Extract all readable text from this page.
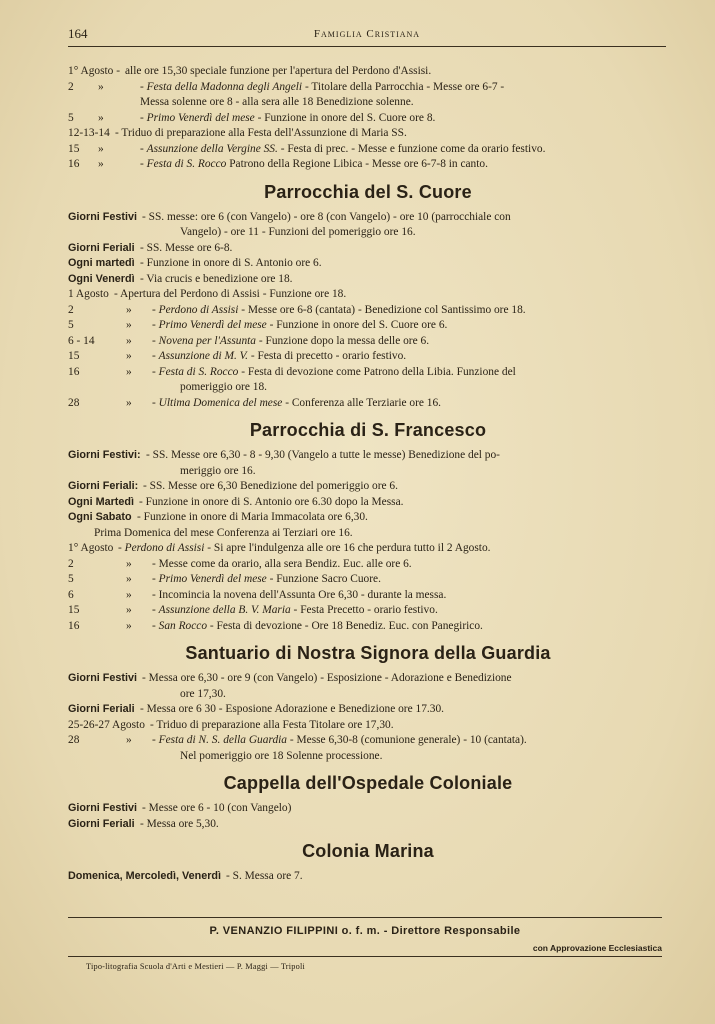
164	Famiglia Cristiana
1° Agosto - alle ore 15,30 speciale funzione per l'apertura del Perdono d'Assisi.
2 »	- Festa della Madonna degli Angeli - Titolare della Parrocchia - Messe ore 6-7 -
Messa solenne ore 8 - alla sera alle 18 Benedizione solenne.
5 »	- Primo Venerdì del mese - Funzione in onore del S. Cuore ore 8.
12-13-14 - Triduo di preparazione alla Festa dell'Assunzione di Maria SS.
15 »	- Assunzione della Vergine SS. - Festa di prec. - Messe e funzione come da orario festivo.
16 »	- Festa di S. Rocco Patrono della Regione Libica - Messe ore 6-7-8 in canto.
Parrocchia del S. Cuore
Giorni Festivi - SS. messe: ore 6 (con Vangelo) - ore 8 (con Vangelo) - ore 10 (parrocchiale con
Vangelo) - ore 11 - Funzioni del pomeriggio ore 16.
Giorni Feriali - SS. Messe ore 6-8.
Ogni martedì - Funzione in onore di S. Antonio ore 6.
Ogni Venerdì - Via crucis e benedizione ore 18.
1 Agosto - Apertura del Perdono di Assisi - Funzione ore 18.
2	» - Perdono di Assisi - Messe ore 6-8 (cantata) - Benedizione col Santissimo ore 18.
5	» - Primo Venerdì del mese - Funzione in onore del S. Cuore ore 6.
6 - 14	» - Novena per l'Assunta - Funzione dopo la messa delle ore 6.
15	» - Assunzione di M. V. - Festa di precetto - orario festivo.
16	» - Festa di S. Rocco - Festa di devozione come Patrono della Libia. Funzione del
pomeriggio ore 18.
28	» - Ultima Domenica del mese - Conferenza alle Terziarie ore 16.
Parrocchia di S. Francesco
Giorni Festivi: - SS. Messe ore 6,30 - 8 - 9,30 (Vangelo a tutte le messe) Benedizione del po-
meriggio ore 16.
Giorni Feriali: - SS. Messe ore 6,30 Benedizione del pomeriggio ore 6.
Ogni Martedì - Funzione in onore di S. Antonio ore 6.30 dopo la Messa.
Ogni Sabato - Funzione in onore di Maria Immacolata ore 6,30.
Prima Domenica del mese Conferenza ai Terziari ore 16.
1° Agosto - Perdono di Assisi - Si apre l'indulgenza alle ore 16 che perdura tutto il 2 Agosto.
2	» - Messe come da orario, alla sera Bendiz. Euc. alle ore 6.
5	» - Primo Venerdì del mese - Funzione Sacro Cuore.
6	» - Incomincia la novena dell'Assunta Ore 6,30 - durante la messa.
15	» - Assunzione della B. V. Maria - Festa Precetto - orario festivo.
16	» - San Rocco - Festa di devozione - Ore 18 Benediz. Euc. con Panegirico.
Santuario di Nostra Signora della Guardia
Giorni Festivi - Messa ore 6,30 - ore 9 (con Vangelo) - Esposizione - Adorazione e Benedizione
ore 17,30.
Giorni Feriali - Messa ore 6 30 - Esposione Adorazione e Benedizione ore 17.30.
25-26-27 Agosto - Triduo di preparazione alla Festa Titolare ore 17,30.
28	» - Festa di N. S. della Guardia - Messe 6,30-8 (comunione generale) - 10 (cantata).
Nel pomeriggio ore 18 Solenne processione.
Cappella dell'Ospedale Coloniale
Giorni Festivi - Messe ore 6 - 10 (con Vangelo)
Giorni Feriali - Messa ore 5,30.
Colonia Marina
Domenica, Mercoledì, Venerdì - S. Messa ore 7.
P. VENANZIO FILIPPINI o. f. m. - Direttore Responsabile
con Approvazione Ecclesiastica
Tipo-litografia Scuola d'Arti e Mestieri — P. Maggi — Tripoli
